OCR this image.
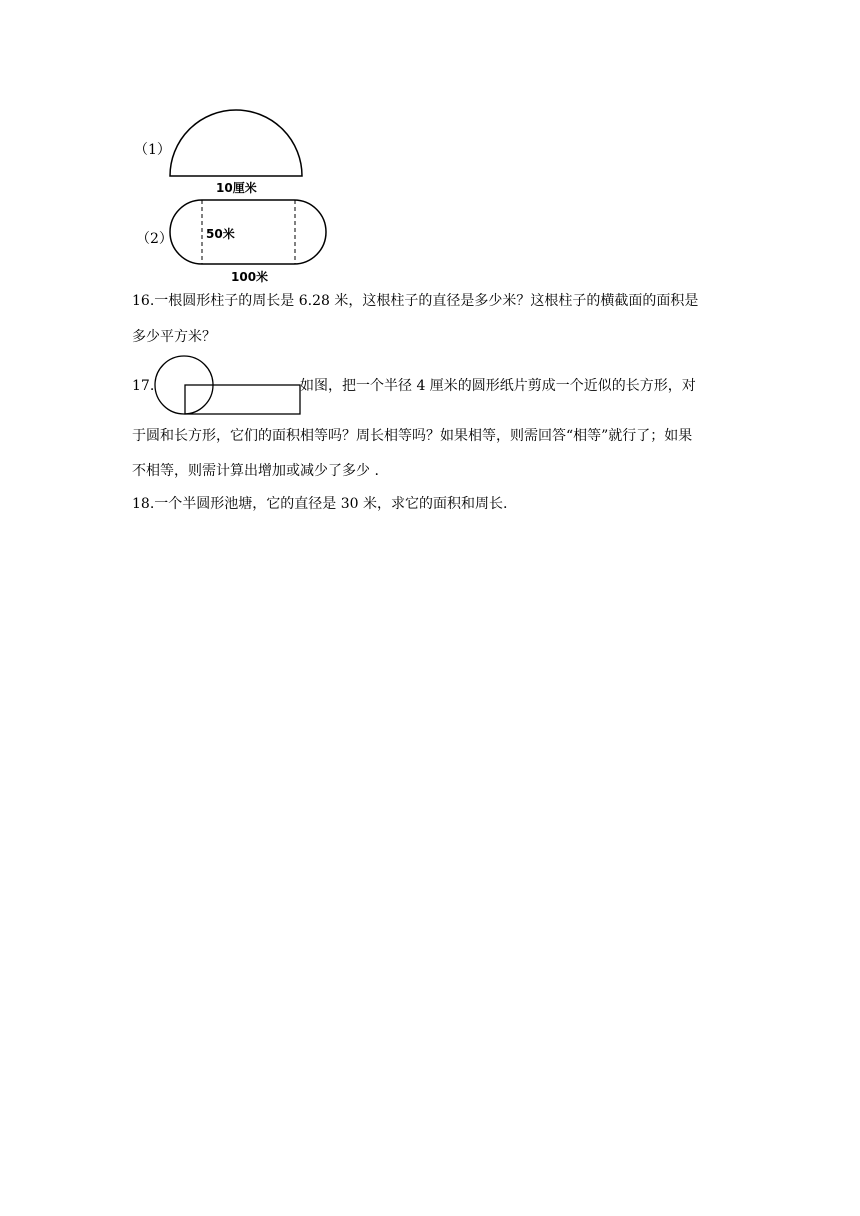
（1）
10厘米
（2）	50米
100米
16.一根圆形柱子的周长是 6.28 米，这根柱子的直径是多少米？这根柱子的横截面的面积是
多少平方米？
17.	如图，把一个半径 4 厘米的圆形纸片剪成一个近似的长方形，对
于圆和长方形，它们的面积相等吗？周长相等吗？如果相等，则需回答“相等”就行了；如果
不相等，则需计算出增加或减少了多少 .
18.一个半圆形池塘，它的直径是 30 米，求它的面积和周长.
